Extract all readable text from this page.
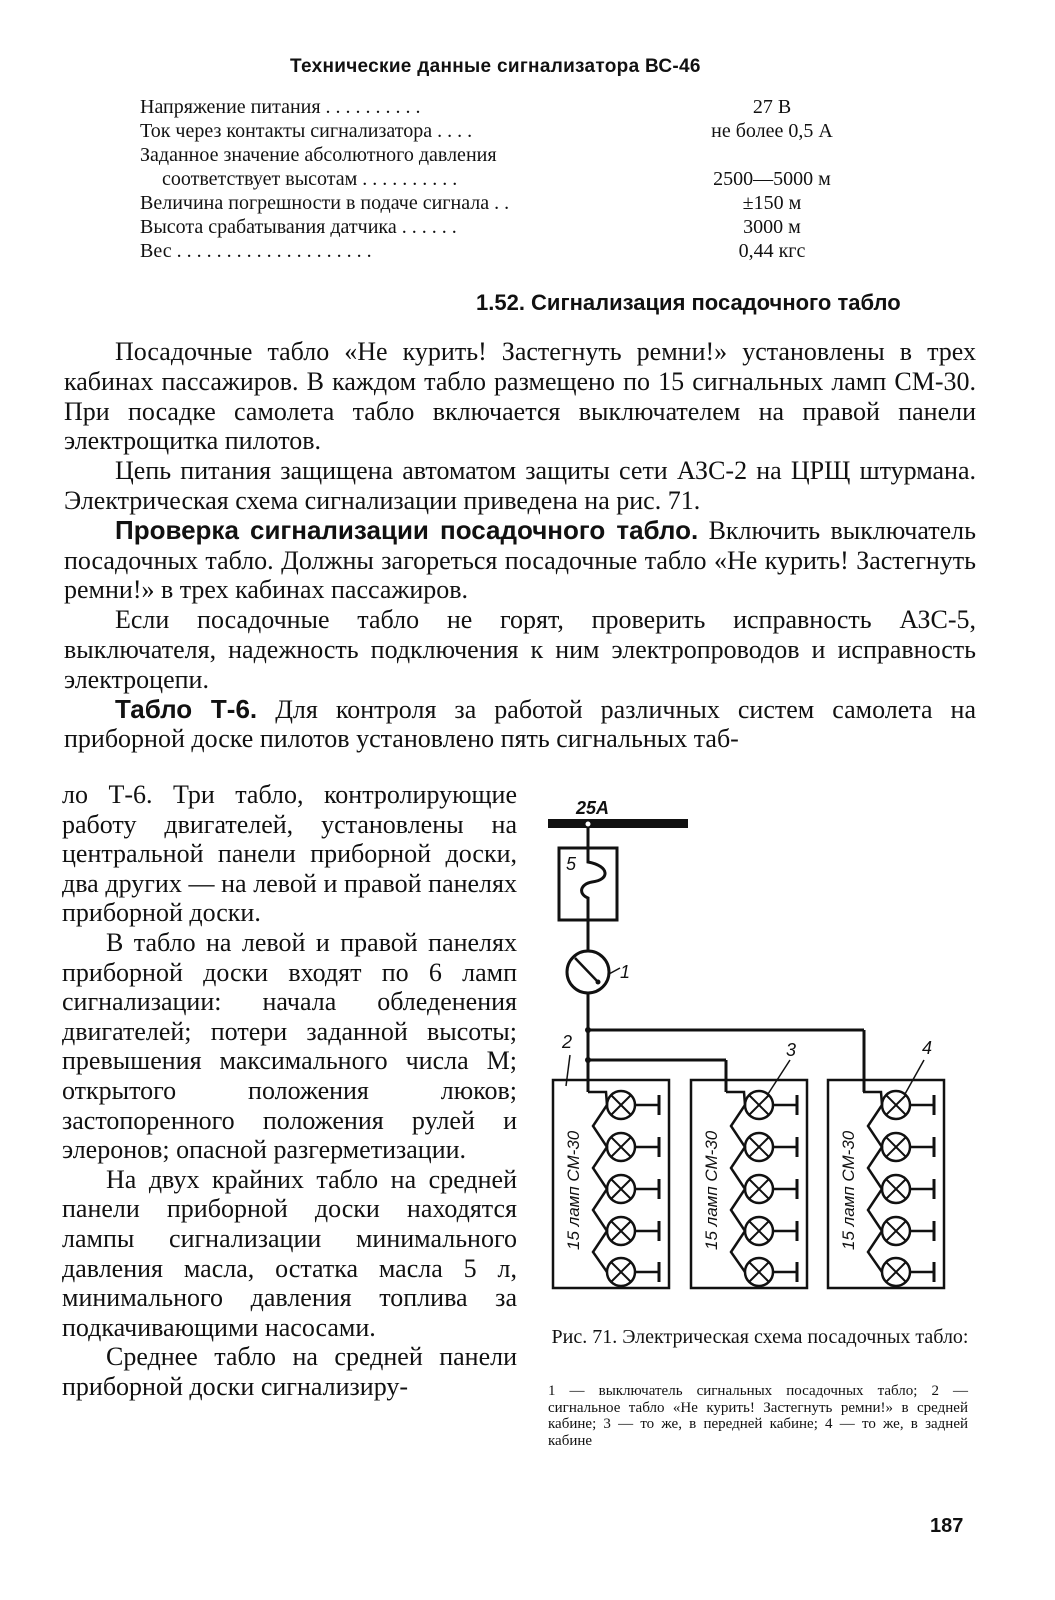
Технические данные сигнализатора ВС-46
Напряжение питания . . . . . . . . . .	27 В
Ток через контакты сигнализатора . . . .	не более 0,5 А
Заданное значение абсолютного давления
соответствует высотам . . . . . . . . . .	2500—5000 м
Величина погрешности в подаче сигнала . .	±150 м
Высота срабатывания датчика . . . . . .	3000 м
Вес . . . . . . . . . . . . . . . . . . . .	0,44 кгс
1.52. Сигнализация посадочного табло

Посадочные табло «Не курить! Застегнуть ремни!» установлены в трех кабинах пассажиров. В каждом табло размещено по 15 сигнальных ламп СМ-30. При посадке самолета табло включается выключателем на правой панели электрощитка пилотов.

Цепь питания защищена автоматом защиты сети АЗС-2 на ЦРЩ штурмана. Электрическая схема сигнализации приведена на рис. 71.

Проверка сигнализации посадочного табло. Включить выключатель посадочных табло. Должны загореться посадочные табло «Не курить! Застегнуть ремни!» в трех кабинах пассажиров.

Если посадочные табло не горят, проверить исправность АЗС-5, выключателя, надежность подключения к ним электропроводов и исправность электроцепи.

Табло Т-6. Для контроля за работой различных систем самолета на приборной доске пилотов установлено пять сигнальных таб-

ло Т-6. Три табло, контролирующие работу двигателей, установлены на центральной панели приборной доски, два других — на левой и правой панелях приборной доски.

В табло на левой и правой панелях приборной доски входят по 6 ламп сигнализации: начала обледенения двигателей; потери заданной высоты; превышения максимального числа М; открытого положения люков; застопоренного положения рулей и элеронов; опасной разгерметизации.

На двух крайних табло на средней панели приборной доски находятся лампы сигнализации минимального давления масла, остатка масла 5 л, минимального давления топлива за подкачивающими насосами.

Среднее табло на средней панели приборной доски сигнализиру-

25А
5
1
2	3	4
15 ламп СМ-30	15 ламп СМ-30	15 ламп СМ-30

Рис. 71. Электрическая схема посадочных табло:

1 — выключатель сигнальных посадочных табло; 2 — сигнальное табло «Не курить! Застегнуть ремни!» в средней кабине; 3 — то же, в передней кабине; 4 — то же, в задней кабине

187
